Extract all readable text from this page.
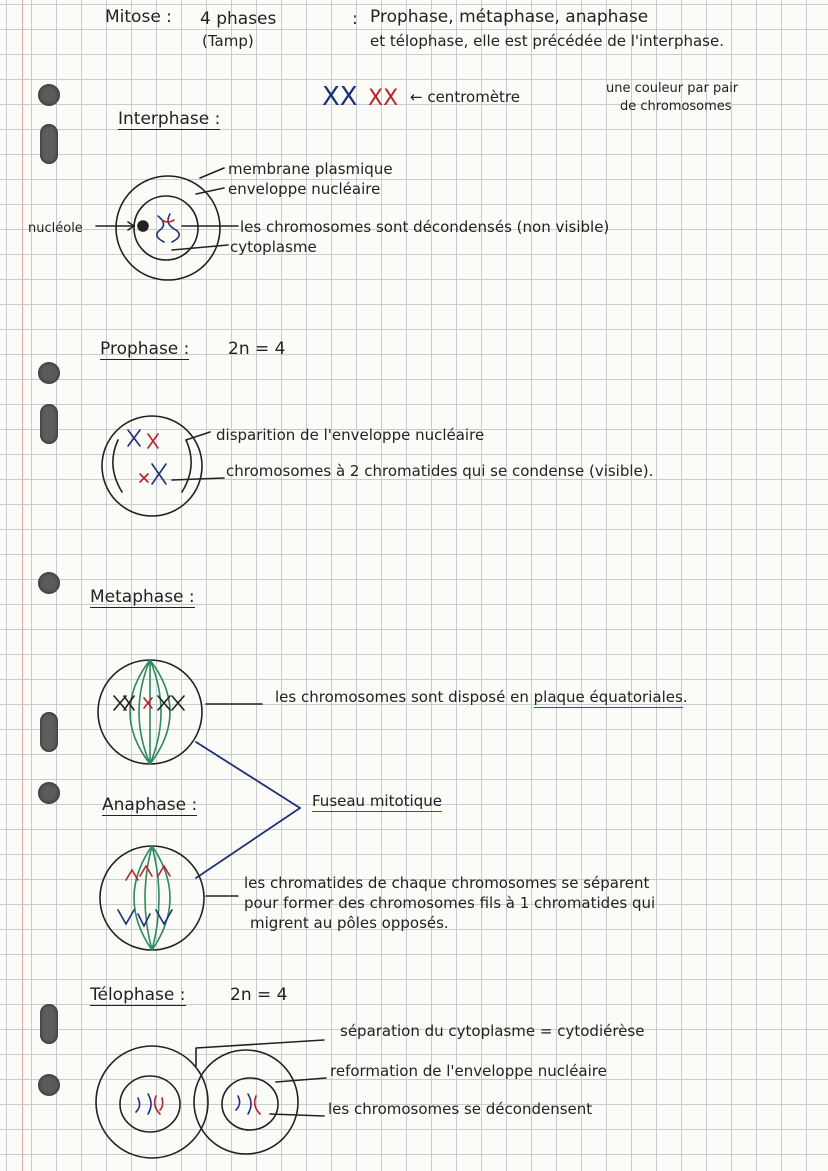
Mitose : 4 phases
(Tamp)
: Prophase, métaphase, anaphase
et télophase, elle est précédée de l'interphase.
XX XX ← centromètre	une couleur par pair
de chromosomes
Interphase :
membrane plasmique
enveloppe nucléaire
les chromosomes sont décondensés (non visible)
cytoplasme
nucléole
Prophase : 2n = 4
disparition de l'enveloppe nucléaire
chromosomes à 2 chromatides qui se condense (visible).
Metaphase :
les chromosomes sont disposé en plaque équatoriales.
Fuseau mitotique
Anaphase :
les chromatides de chaque chromosomes se séparent
pour former des chromosomes fils à 1 chromatides qui
migrent au pôles opposés.
Télophase :	2n = 4
séparation du cytoplasme = cytodiérèse
reformation de l'enveloppe nucléaire
les chromosomes se décondensent
